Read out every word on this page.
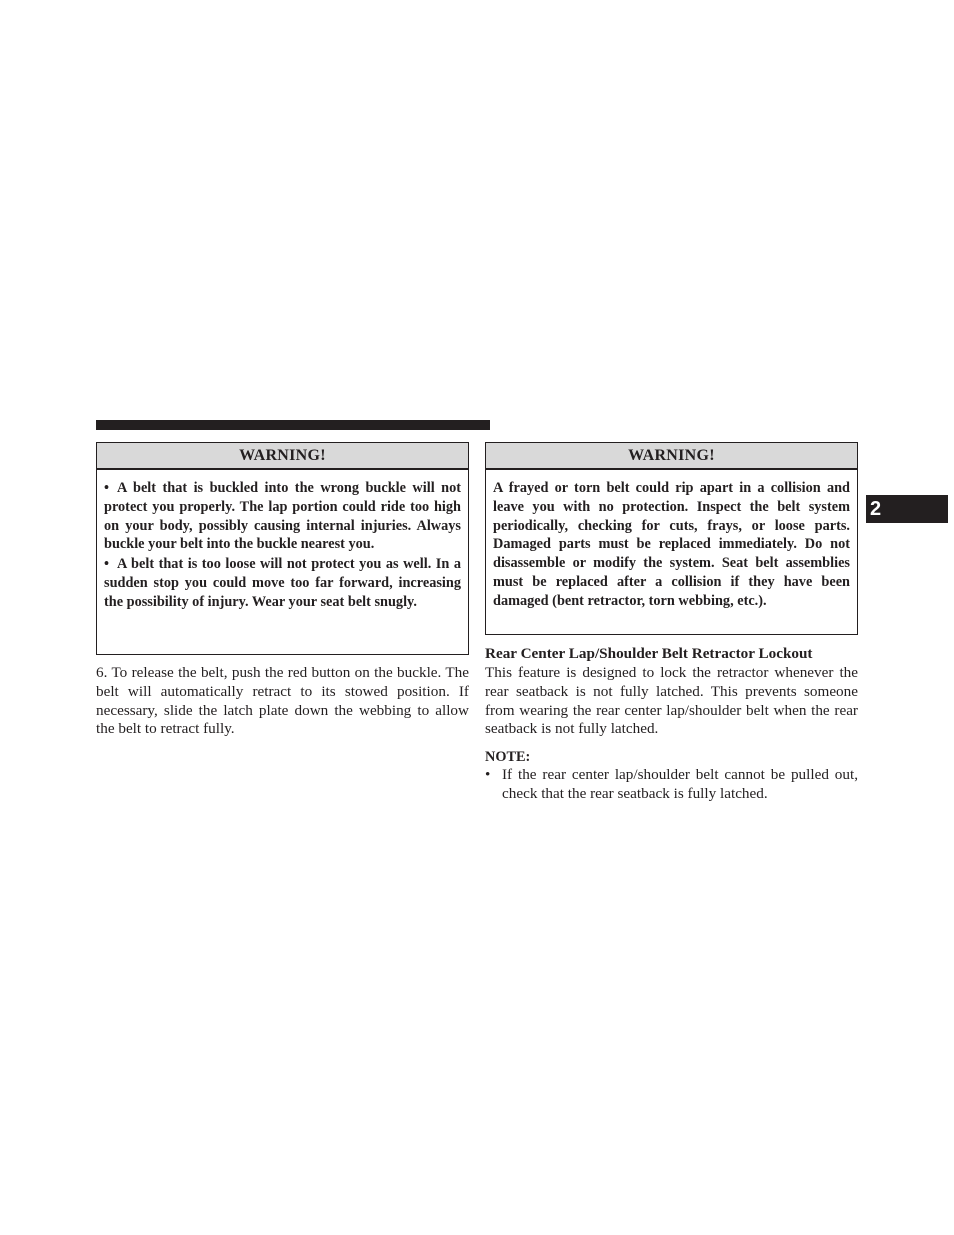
WARNING!

• A belt that is buckled into the wrong buckle will not protect you properly. The lap portion could ride too high on your body, possibly causing internal injuries. Always buckle your belt into the buckle nearest you.

• A belt that is too loose will not protect you as well. In a sudden stop you could move too far forward, increasing the possibility of injury. Wear your seat belt snugly.

6. To release the belt, push the red button on the buckle. The belt will automatically retract to its stowed position. If necessary, slide the latch plate down the webbing to allow the belt to retract fully.
WARNING!

A frayed or torn belt could rip apart in a collision and leave you with no protection. Inspect the belt system periodically, checking for cuts, frays, or loose parts. Damaged parts must be replaced immediately. Do not disassemble or modify the system. Seat belt assemblies must be replaced after a collision if they have been damaged (bent retractor, torn webbing, etc.).

Rear Center Lap/Shoulder Belt Retractor Lockout
This feature is designed to lock the retractor whenever the rear seatback is not fully latched. This prevents someone from wearing the rear center lap/shoulder belt when the rear seatback is not fully latched.
NOTE:
• If the rear center lap/shoulder belt cannot be pulled out, check that the rear seatback is fully latched.
2
